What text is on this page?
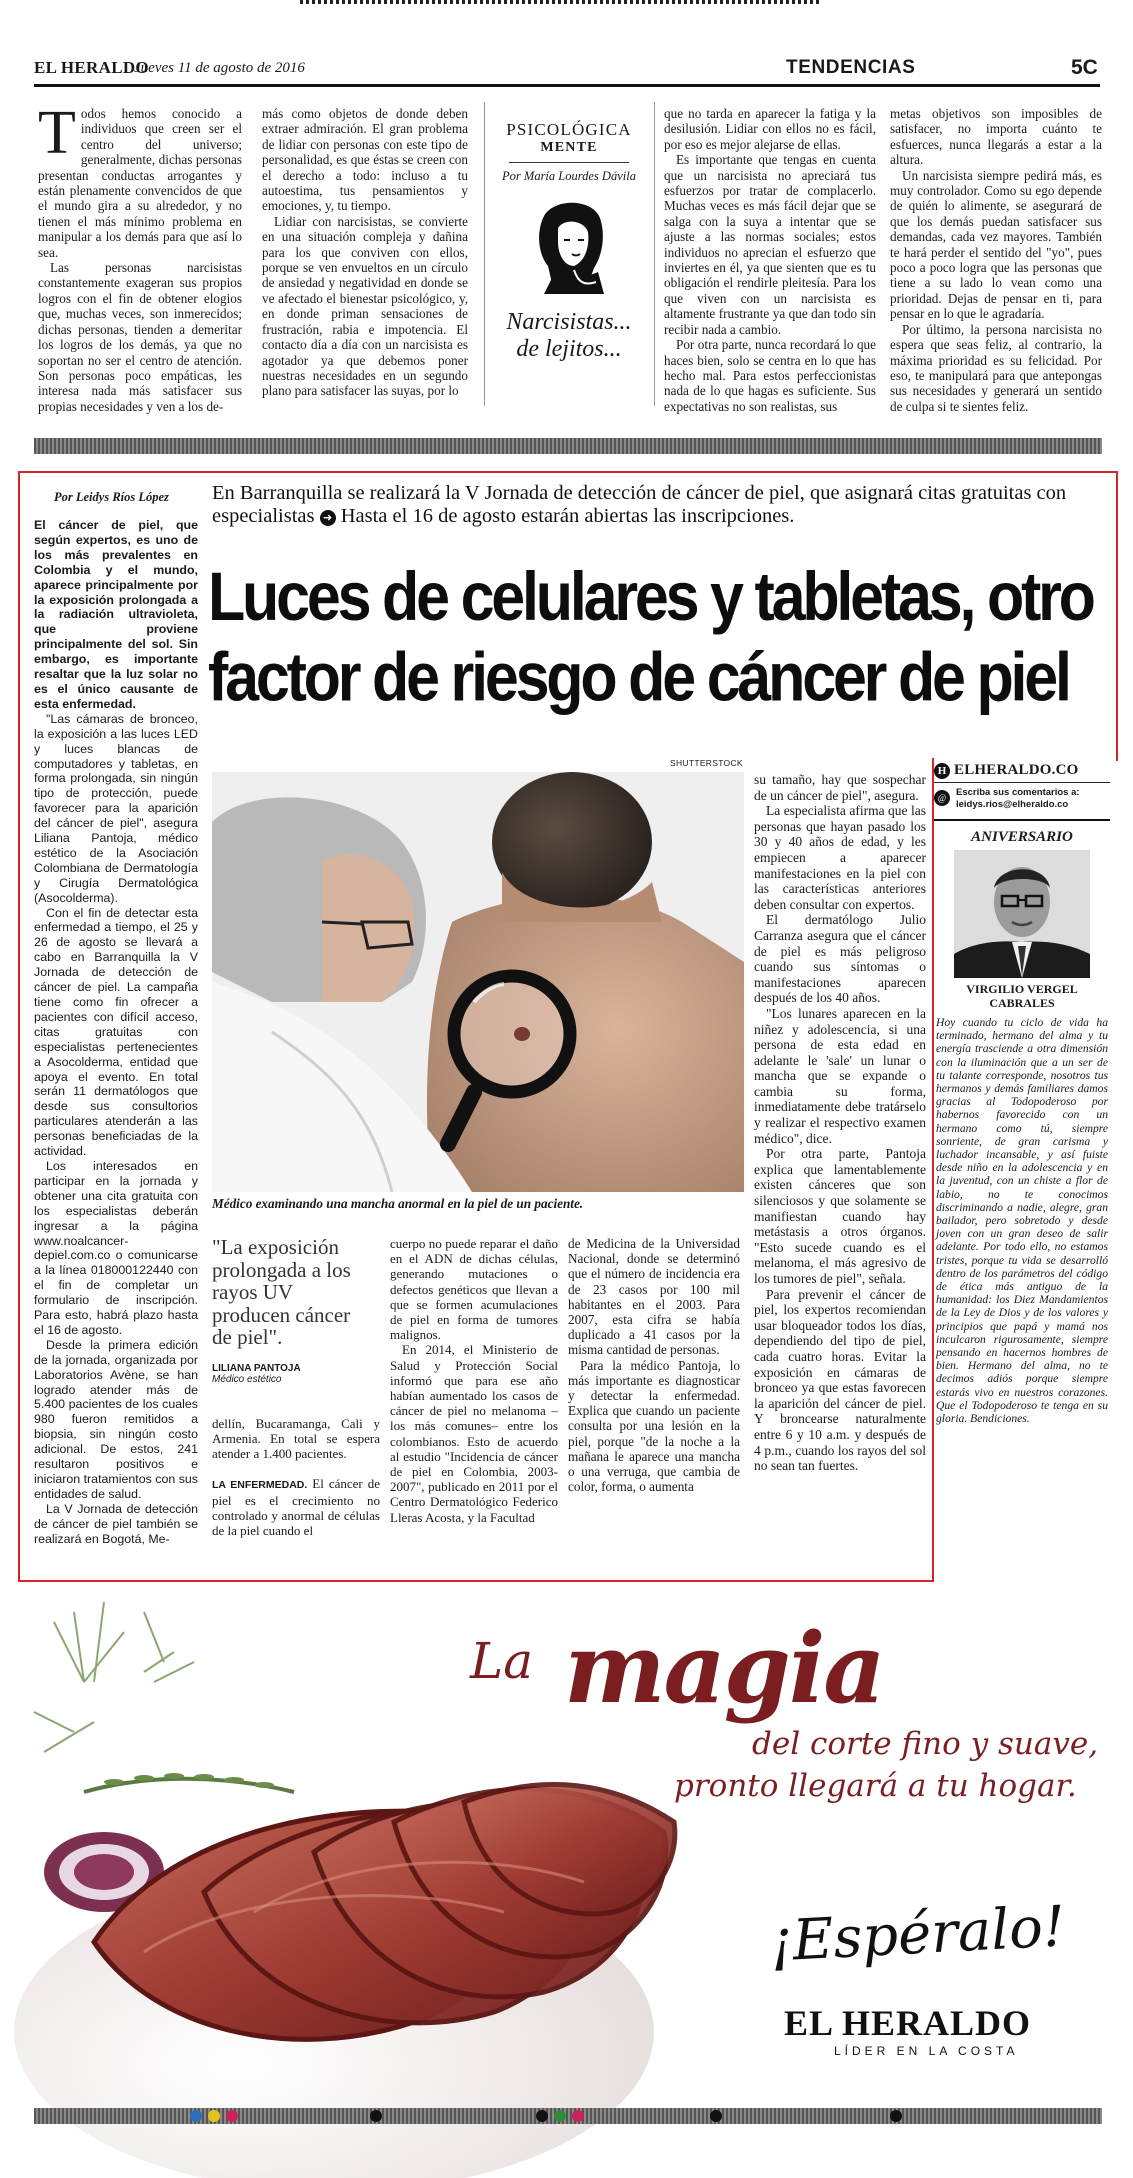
EL HERALDO
Jueves 11 de agosto de 2016	TENDENCIAS	5C

Todos hemos conocido a individuos que creen ser el centro del universo; generalmente, dichas personas presentan conductas arrogantes y están plenamente convencidos de que el mundo gira a su alrededor, y no tienen el más mínimo problema en manipular a los demás para que así lo sea.

Las personas narcisistas constantemente exageran sus propios logros con el fin de obtener elogios que, muchas veces, son inmerecidos; dichas personas, tienden a demeritar los logros de los demás, ya que no soportan no ser el centro de atención. Son personas poco empáticas, les interesa nada más satisfacer sus propias necesidades y ven a los de-

más como objetos de donde deben extraer admiración. El gran problema de lidiar con personas con este tipo de personalidad, es que éstas se creen con el derecho a todo: incluso a tu autoestima, tus pensamientos y emociones, y, tu tiempo.

Lidiar con narcisistas, se convierte en una situación compleja y dañina para los que conviven con ellos, porque se ven envueltos en un círculo de ansiedad y negatividad en donde se ve afectado el bienestar psicológico, y, en donde priman sensaciones de frustración, rabia e impotencia. El contacto día a día con un narcisista es agotador ya que debemos poner nuestras necesidades en un segundo plano para satisfacer las suyas, por lo

PSICOLÓGICA
MENTE
Por María Lourdes Dávila
Narcisistas...
de lejitos...

que no tarda en aparecer la fatiga y la desilusión. Lidiar con ellos no es fácil, por eso es mejor alejarse de ellas.

Es importante que tengas en cuenta que un narcisista no apreciará tus esfuerzos por tratar de complacerlo. Muchas veces es más fácil dejar que se salga con la suya a intentar que se ajuste a las normas sociales; estos individuos no aprecian el esfuerzo que inviertes en él, ya que sienten que es tu obligación el rendirle pleitesía. Para los que viven con un narcisista es altamente frustrante ya que dan todo sin recibir nada a cambio.

Por otra parte, nunca recordará lo que haces bien, solo se centra en lo que has hecho mal. Para estos perfeccionistas nada de lo que hagas es suficiente. Sus expectativas no son realistas, sus

metas objetivos son imposibles de satisfacer, no importa cuánto te esfuerces, nunca llegarás a estar a la altura.

Un narcisista siempre pedirá más, es muy controlador. Como su ego depende de quién lo alimente, se asegurará de que los demás puedan satisfacer sus demandas, cada vez mayores. También te hará perder el sentido del "yo", pues poco a poco logra que las personas que tiene a su lado lo vean como una prioridad. Dejas de pensar en ti, para pensar en lo que le agradaría.

Por último, la persona narcisista no espera que seas feliz, al contrario, la máxima prioridad es su felicidad. Por eso, te manipulará para que antepongas sus necesidades y generará un sentido de culpa si te sientes feliz.

Por Leidys Ríos López En Barranquilla se realizará la V Jornada de detección de cáncer de piel, que asignará citas gratuitas con especialistas ➜ Hasta el 16 de agosto estarán abiertas las inscripciones.
Luces de celulares y tabletas, otro
factor de riesgo de cáncer de piel

El cáncer de piel, que según expertos, es uno de los más prevalentes en Colombia y el mundo, aparece principalmente por la exposición prolongada a la radiación ultravioleta, que proviene principalmente del sol. Sin embargo, es importante resaltar que la luz solar no es el único causante de esta enfermedad.

"Las cámaras de bronceo, la exposición a las luces LED y luces blancas de computadores y tabletas, en forma prolongada, sin ningún tipo de protección, puede favorecer para la aparición del cáncer de piel", asegura Liliana Pantoja, médico estético de la Asociación Colombiana de Dermatología y Cirugía Dermatológica (Asocolderma).

Con el fin de detectar esta enfermedad a tiempo, el 25 y 26 de agosto se llevará a cabo en Barranquilla la V Jornada de detección de cáncer de piel. La campaña tiene como fin ofrecer a pacientes con difícil acceso, citas gratuitas con especialistas pertenecientes a Asocolderma, entidad que apoya el evento. En total serán 11 dermatólogos que desde sus consultorios particulares atenderán a las personas beneficiadas de la actividad.

Los interesados en participar en la jornada y obtener una cita gratuita con los especialistas deberán ingresar a la página www.noalcancer-depiel.com.co o comunicarse a la línea 018000122440 con el fin de completar un formulario de inscripción. Para esto, habrá plazo hasta el 16 de agosto.

Desde la primera edición de la jornada, organizada por Laboratorios Avène, se han logrado atender más de 5.400 pacientes de los cuales 980 fueron remitidos a biopsia, sin ningún costo adicional. De estos, 241 resultaron positivos e iniciaron tratamientos con sus entidades de salud.

La V Jornada de detección de cáncer de piel también se realizará en Bogotá, Me-

SHUTTERSTOCK
Médico examinando una mancha anormal en la piel de un paciente.

su tamaño, hay que sospechar de un cáncer de piel", asegura.

La especialista afirma que las personas que hayan pasado los 30 y 40 años de edad, y les empiecen a aparecer manifestaciones en la piel con las características anteriores deben consultar con expertos.

El dermatólogo Julio Carranza asegura que el cáncer de piel es más peligroso cuando sus síntomas o manifestaciones aparecen después de los 40 años.

"Los lunares aparecen en la niñez y adolescencia, si una persona de esta edad en adelante le 'sale' un lunar o mancha que se expande o cambia su forma, inmediatamente debe tratárselo y realizar el respectivo examen médico", dice.

Por otra parte, Pantoja explica que lamentablemente existen cánceres que son silenciosos y que solamente se manifiestan cuando hay metástasis a otros órganos. "Esto sucede cuando es el melanoma, el más agresivo de los tumores de piel", señala.

Para prevenir el cáncer de piel, los expertos recomiendan usar bloqueador todos los días, dependiendo del tipo de piel, cada cuatro horas. Evitar la exposición en cámaras de bronceo ya que estas favorecen la aparición del cáncer de piel. Y broncearse naturalmente entre 6 y 10 a.m. y después de 4 p.m., cuando los rayos del sol no sean tan fuertes.

"La exposición prolongada a los rayos UV producen cáncer de piel".
LILIANA PANTOJA
Médico estético

dellín, Bucaramanga, Cali y Armenia. En total se espera atender a 1.400 pacientes.

LA ENFERMEDAD. El cáncer de piel es el crecimiento no controlado y anormal de células de la piel cuando el

cuerpo no puede reparar el daño en el ADN de dichas células, generando mutaciones o defectos genéticos que llevan a que se formen acumulaciones de piel en forma de tumores malignos.

En 2014, el Ministerio de Salud y Protección Social informó que para ese año habían aumentado los casos de cáncer de piel no melanoma –los más comunes– entre los colombianos. Esto de acuerdo al estudio "Incidencia de cáncer de piel en Colombia, 2003-2007", publicado en 2011 por el Centro Dermatológico Federico Lleras Acosta, y la Facultad

de Medicina de la Universidad Nacional, donde se determinó que el número de incidencia era de 23 casos por 100 mil habitantes en el 2003. Para 2007, esta cifra se había duplicado a 41 casos por la misma cantidad de personas.

Para la médico Pantoja, lo más importante es diagnosticar y detectar la enfermedad. Explica que cuando un paciente consulta por una lesión en la piel, porque "de la noche a la mañana le aparece una mancha o una verruga, que cambia de color, forma, o aumenta

H ELHERALDO.CO
@	Escriba sus comentarios a:
leidys.rios@elheraldo.co
ANIVERSARIO
VIRGILIO VERGEL
CABRALES
Hoy cuando tu ciclo de vida ha terminado, hermano del alma y tu energía trasciende a otra dimensión con la iluminación que a un ser de tu talante corresponde, nosotros tus hermanos y demás familiares damos gracias al Todopoderoso por habernos favorecido con un hermano como tú, siempre sonriente, de gran carisma y luchador incansable, y así fuiste desde niño en la adolescencia y en la juventud, con un chiste a flor de labio, no te conocimos discriminando a nadie, alegre, gran bailador, pero sobretodo y desde joven con un gran deseo de salir adelante. Por todo ello, no estamos tristes, porque tu vida se desarrolló dentro de los parámetros del código de ética más antiguo de la humanidad: los Diez Mandamientos de la Ley de Dios y de los valores y principios que papá y mamá nos inculcaron rigurosamente, siempre pensando en hacernos hombres de bien. Hermano del alma, no te decimos adiós porque siempre estarás vivo en nuestros corazones. Que el Todopoderoso te tenga en su gloria. Bendiciones.
La magia
del corte fino y suave,
pronto llegará a tu hogar.
¡Espéralo!
EL HERALDO
LÍDER EN LA COSTA
